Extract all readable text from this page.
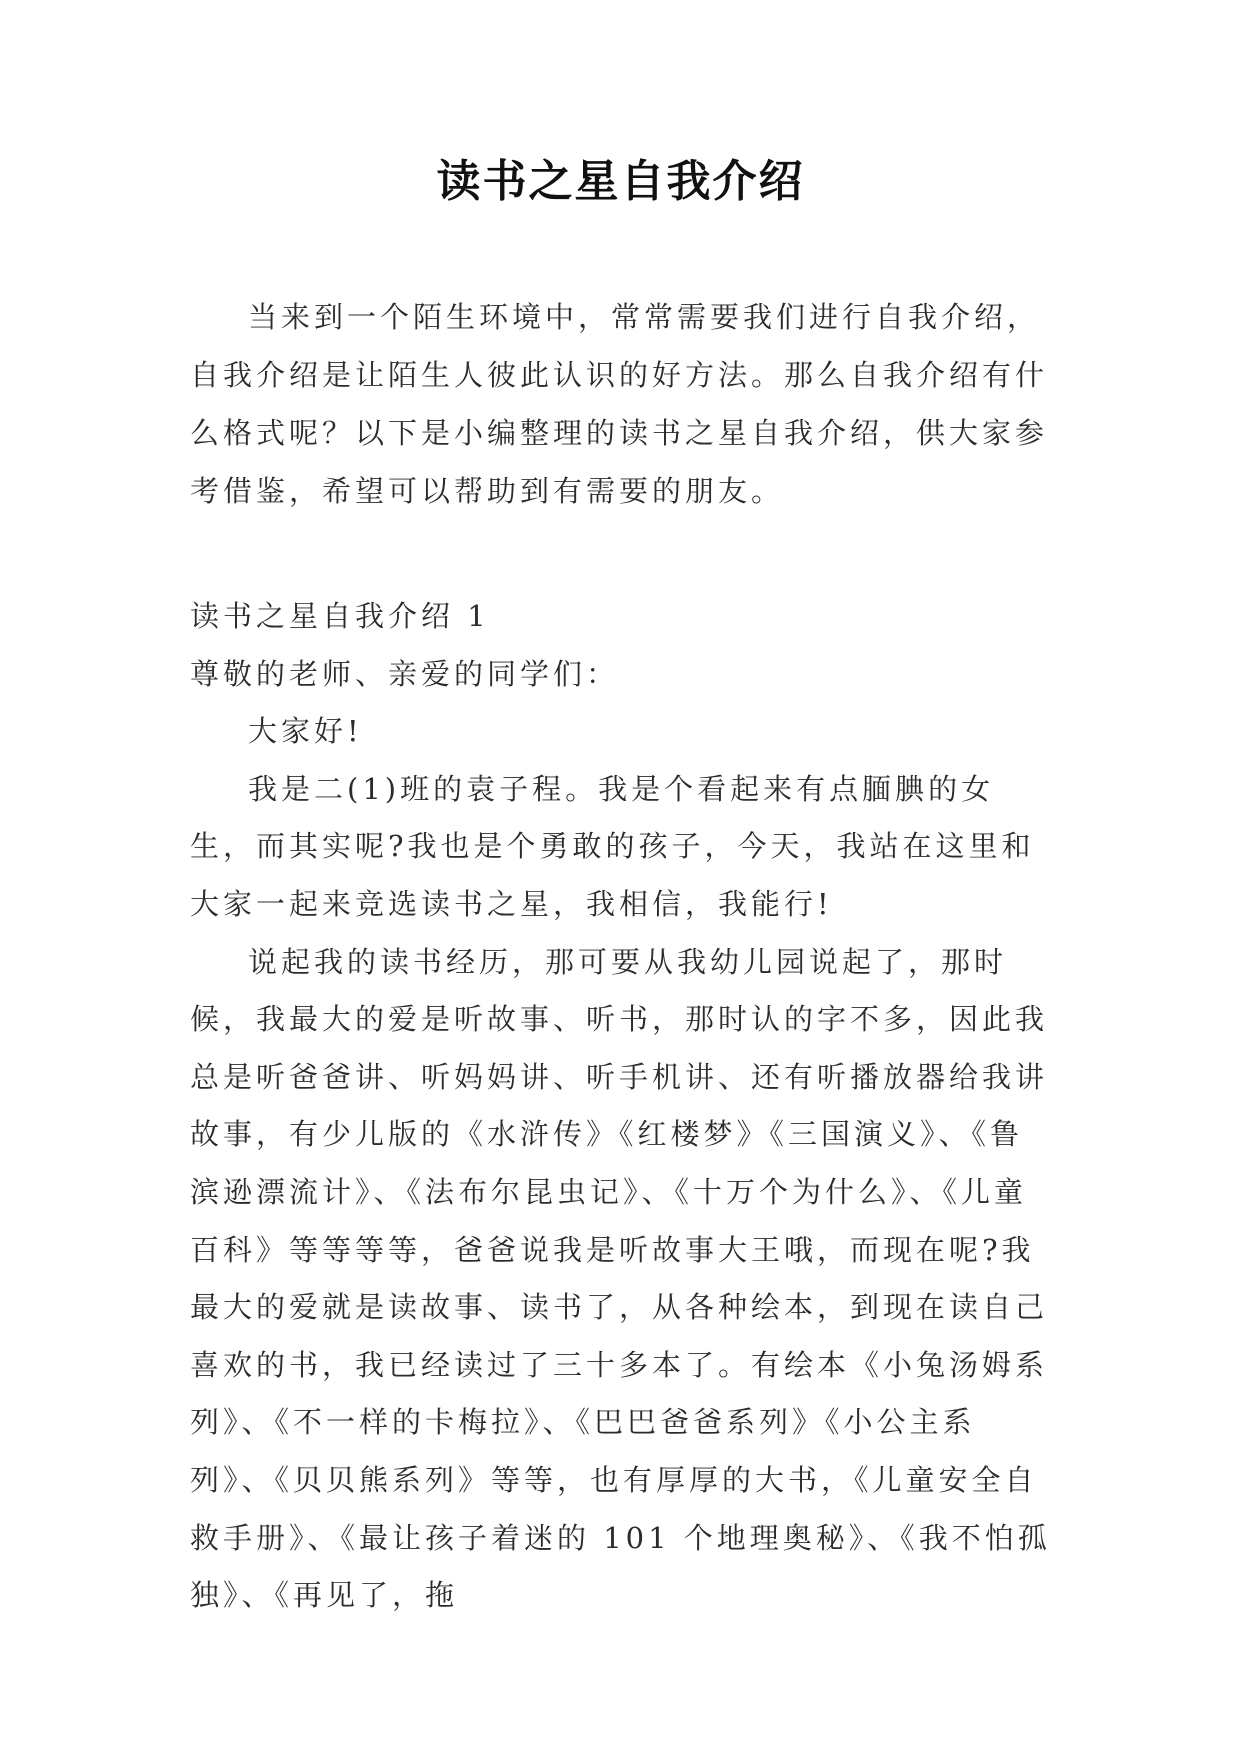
读书之星自我介绍

当来到一个陌生环境中，常常需要我们进行自我介绍，自我介绍是让陌生人彼此认识的好方法。那么自我介绍有什么格式呢？以下是小编整理的读书之星自我介绍，供大家参考借鉴，希望可以帮助到有需要的朋友。

读书之星自我介绍 1

尊敬的老师、亲爱的同学们：

大家好!

我是二(1)班的袁子程。我是个看起来有点腼腆的女生，而其实呢?我也是个勇敢的孩子，今天，我站在这里和大家一起来竞选读书之星，我相信，我能行!

说起我的读书经历，那可要从我幼儿园说起了，那时候，我最大的爱是听故事、听书，那时认的字不多，因此我总是听爸爸讲、听妈妈讲、听手机讲、还有听播放器给我讲故事，有少儿版的《水浒传》《红楼梦》《三国演义》、《鲁滨逊漂流计》、《法布尔昆虫记》、《十万个为什么》、《儿童百科》等等等等，爸爸说我是听故事大王哦，而现在呢?我最大的爱就是读故事、读书了，从各种绘本，到现在读自己喜欢的书，我已经读过了三十多本了。有绘本《小兔汤姆系列》、《不一样的卡梅拉》、《巴巴爸爸系列》《小公主系列》、《贝贝熊系列》等等，也有厚厚的大书，《儿童安全自救手册》、《最让孩子着迷的 101 个地理奥秘》、《我不怕孤独》、《再见了，拖
